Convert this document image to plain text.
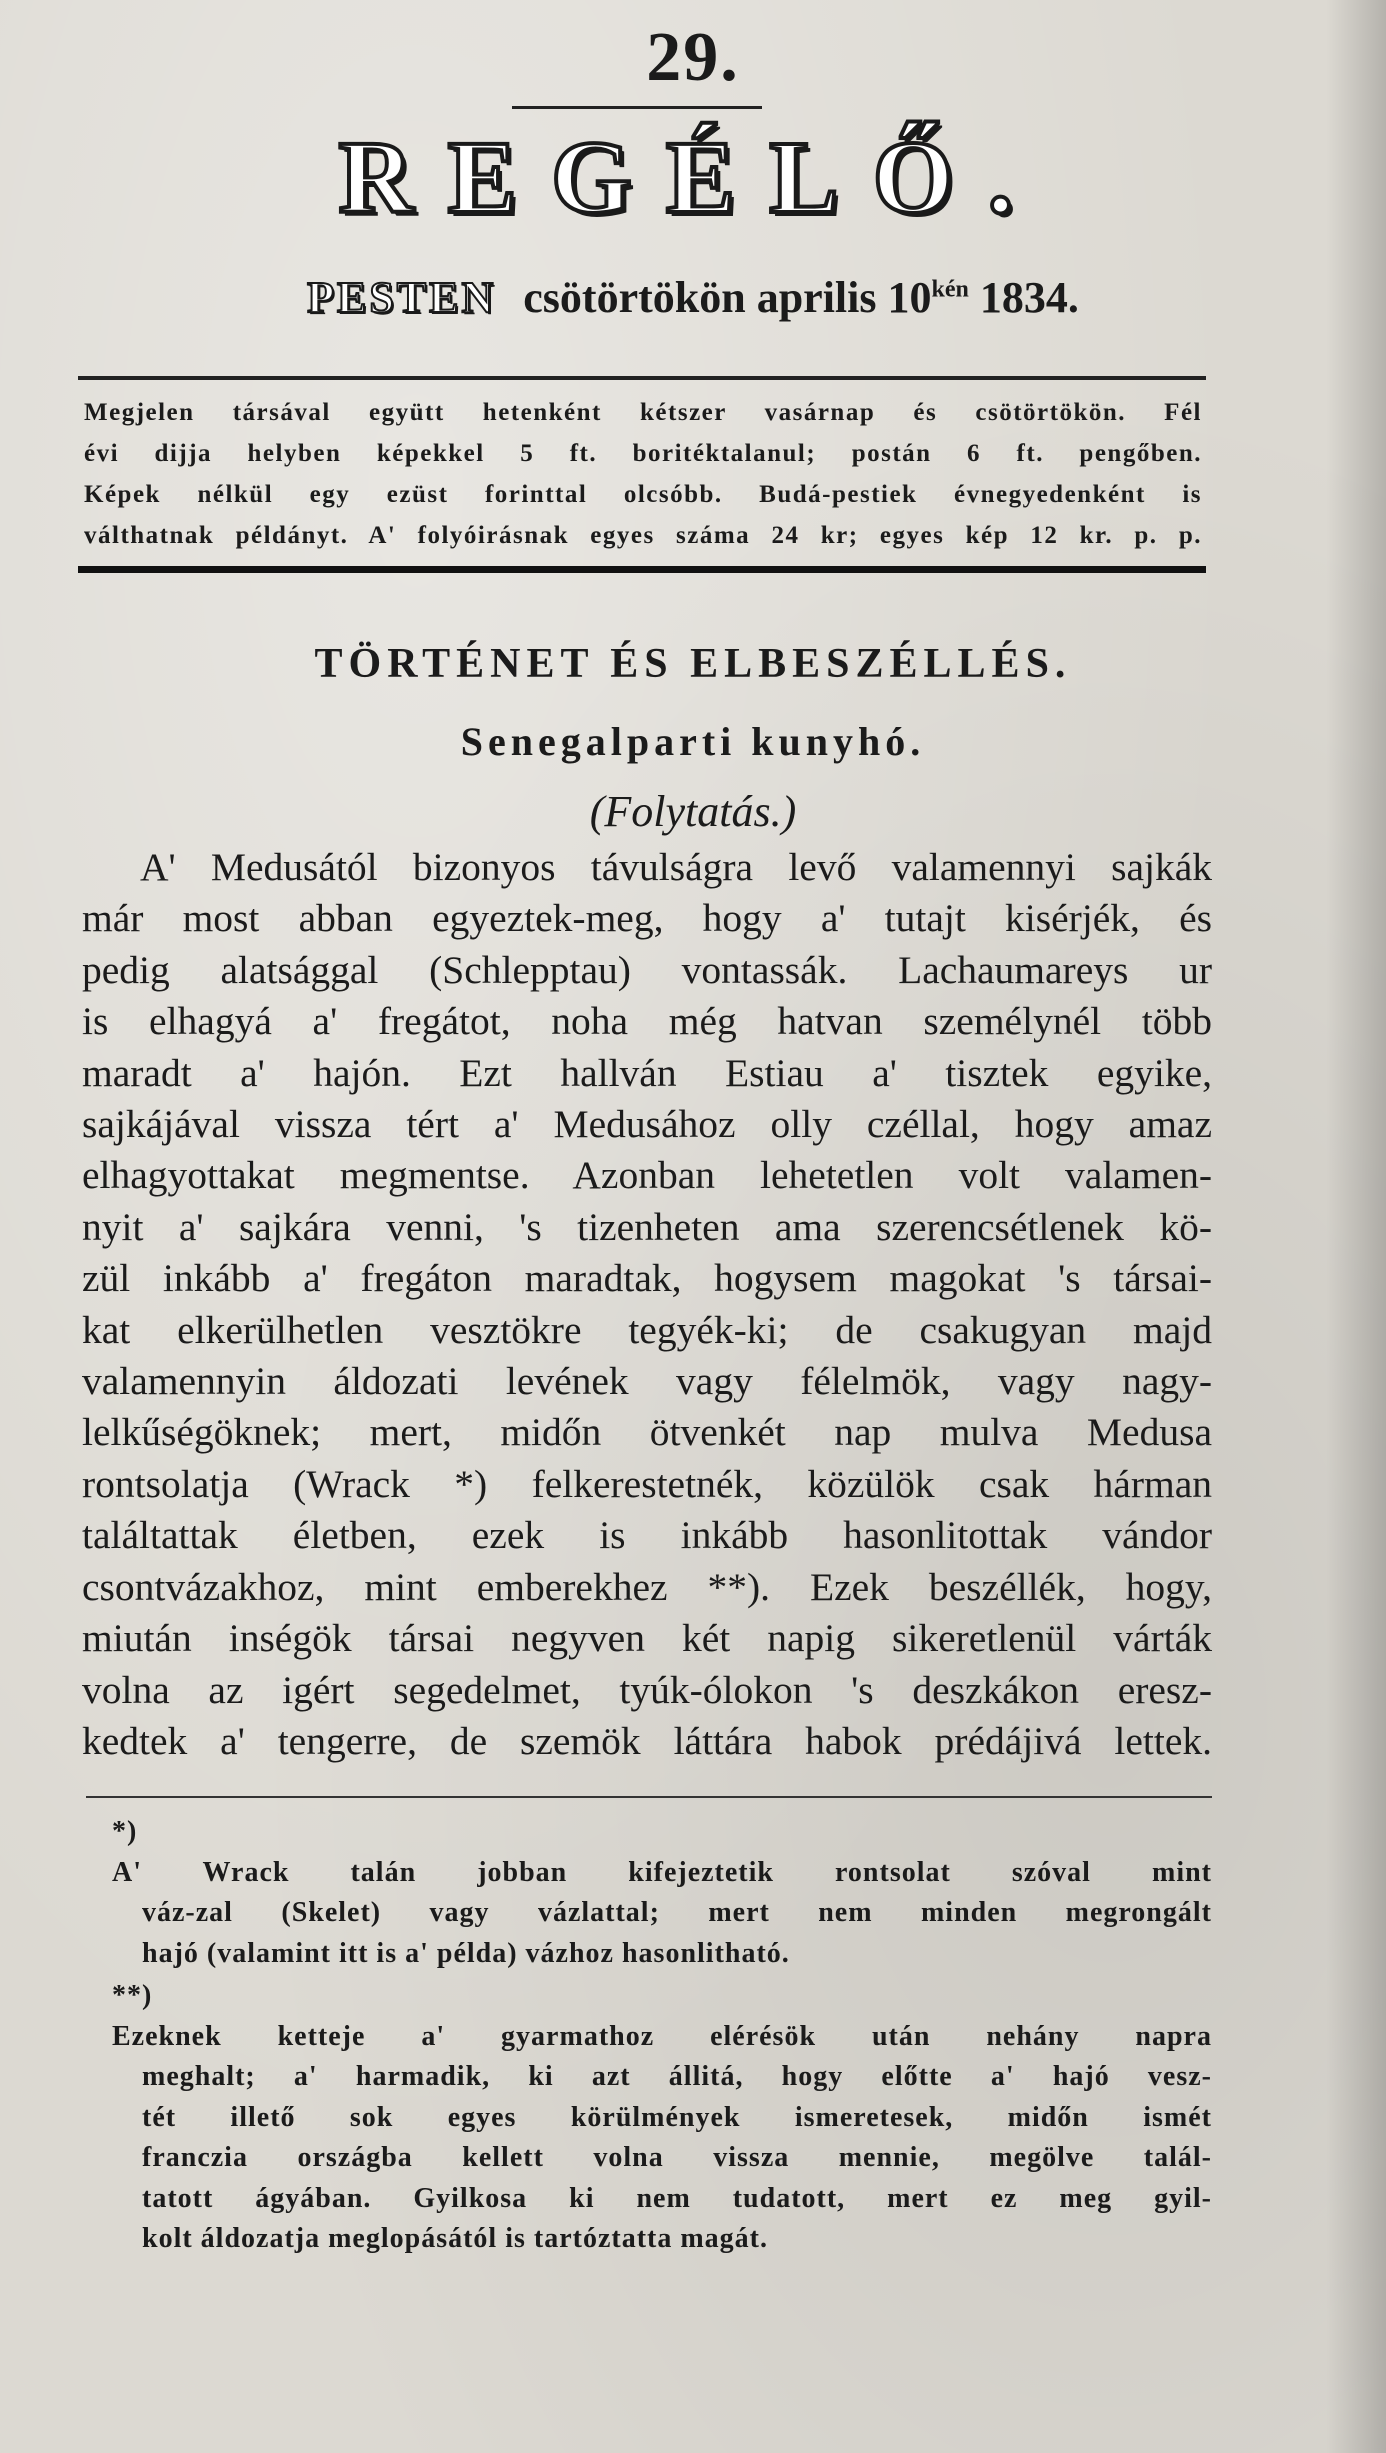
29.
REGÉLŐ.
PESTEN csötörtökön aprilis $10^{kén}$ 1834.
Megjelen társával együtt hetenként kétszer vasárnap és csötörtökön. Fél
évi dijja helyben képekkel 5 ft. boritéktalanul; postán 6 ft. pengőben.
Képek nélkül egy ezüst forinttal olcsóbb. Budá-pestiek évnegyedenként is
válthatnak példányt. A' folyóirásnak egyes száma 24 kr; egyes kép 12 kr. p. p.
TÖRTÉNET ÉS ELBESZÉLLÉS.
Senegalparti kunyhó.
(Folytatás.)

A' Medusától bizonyos távulságra levő valamennyi sajkák
már most abban egyeztek-meg, hogy a' tutajt kisérjék, és
pedig alatsággal (Schlepptau) vontassák. Lachaumareys ur
is elhagyá a' fregátot, noha még hatvan személynél több
maradt a' hajón. Ezt hallván Estiau a' tisztek egyike,
sajkájával vissza tért a' Medusához olly czéllal, hogy amaz
elhagyottakat megmentse. Azonban lehetetlen volt valamen-
nyit a' sajkára venni, 's tizenheten ama szerencsétlenek kö-
zül inkább a' fregáton maradtak, hogysem magokat 's társai-
kat elkerülhetlen vesztökre tegyék-ki; de csakugyan majd
valamennyin áldozati levének vagy félelmök, vagy nagy-
lelkűségöknek; mert, midőn ötvenkét nap mulva Medusa
rontsolatja (Wrack *) felkerestetnék, közülök csak hárman
találtattak életben, ezek is inkább hasonlitottak vándor
csontvázakhoz, mint emberekhez **). Ezek beszéllék, hogy,
miután inségök társai negyven két napig sikeretlenül várták
volna az igért segedelmet, tyúk-ólokon 's deszkákon eresz-
kedtek a' tengerre, de szemök láttára habok prédájivá lettek.

*)
A' Wrack talán jobban kifejeztetik rontsolat szóval mint
váz-zal (Skelet) vagy vázlattal; mert nem minden megrongált
hajó (valamint itt is a' példa) vázhoz hasonlitható.
**)
Ezeknek ketteje a' gyarmathoz elérésök után nehány napra
meghalt; a' harmadik, ki azt állitá, hogy előtte a' hajó vesz-
tét illető sok egyes körülmények ismeretesek, midőn ismét
franczia országba kellett volna vissza mennie, megölve talál-
tatott ágyában. Gyilkosa ki nem tudatott, mert ez meg gyil-
kolt áldozatja meglopásától is tartóztatta magát.
